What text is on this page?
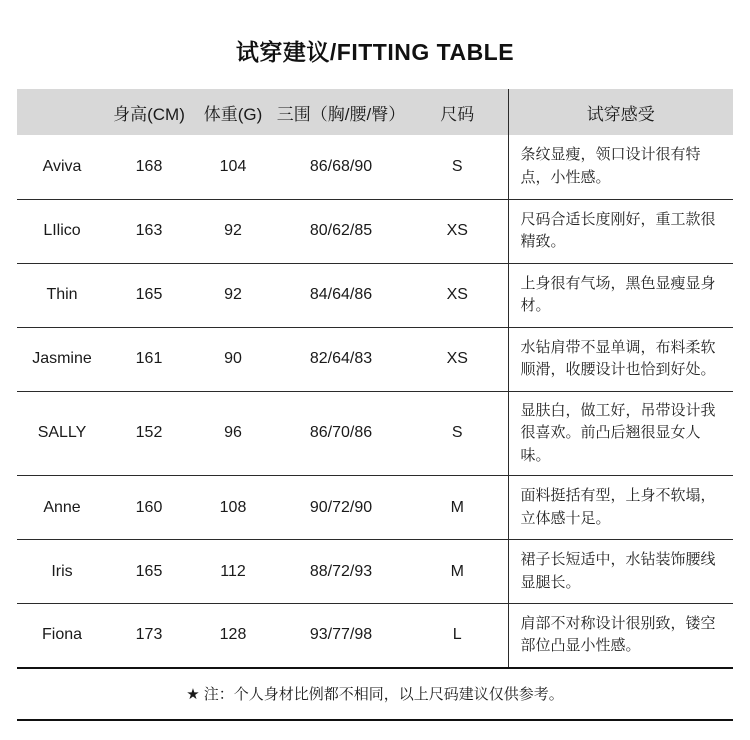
试穿建议/FITTING TABLE
	身高(CM)	体重(G)	三围（胸/腰/臀）	尺码	试穿感受
Aviva	168	104	86/68/90	S	条纹显瘦，领口设计很有特点，小性感。
LIlico	163	92	80/62/85	XS	尺码合适长度刚好，重工款很精致。
Thin	165	92	84/64/86	XS	上身很有气场，黑色显瘦显身材。
Jasmine	161	90	82/64/83	XS	水钻肩带不显单调，布料柔软顺滑，收腰设计也恰到好处。
SALLY	152	96	86/70/86	S	显肤白，做工好，吊带设计我很喜欢。前凸后翘很显女人味。
Anne	160	108	90/72/90	M	面料挺括有型，上身不软塌，立体感十足。
Iris	165	112	88/72/93	M	裙子长短适中，水钻装饰腰线显腿长。
Fiona	173	128	93/77/98	L	肩部不对称设计很别致，镂空部位凸显小性感。
★ 注：个人身材比例都不相同，以上尺码建议仅供参考。
